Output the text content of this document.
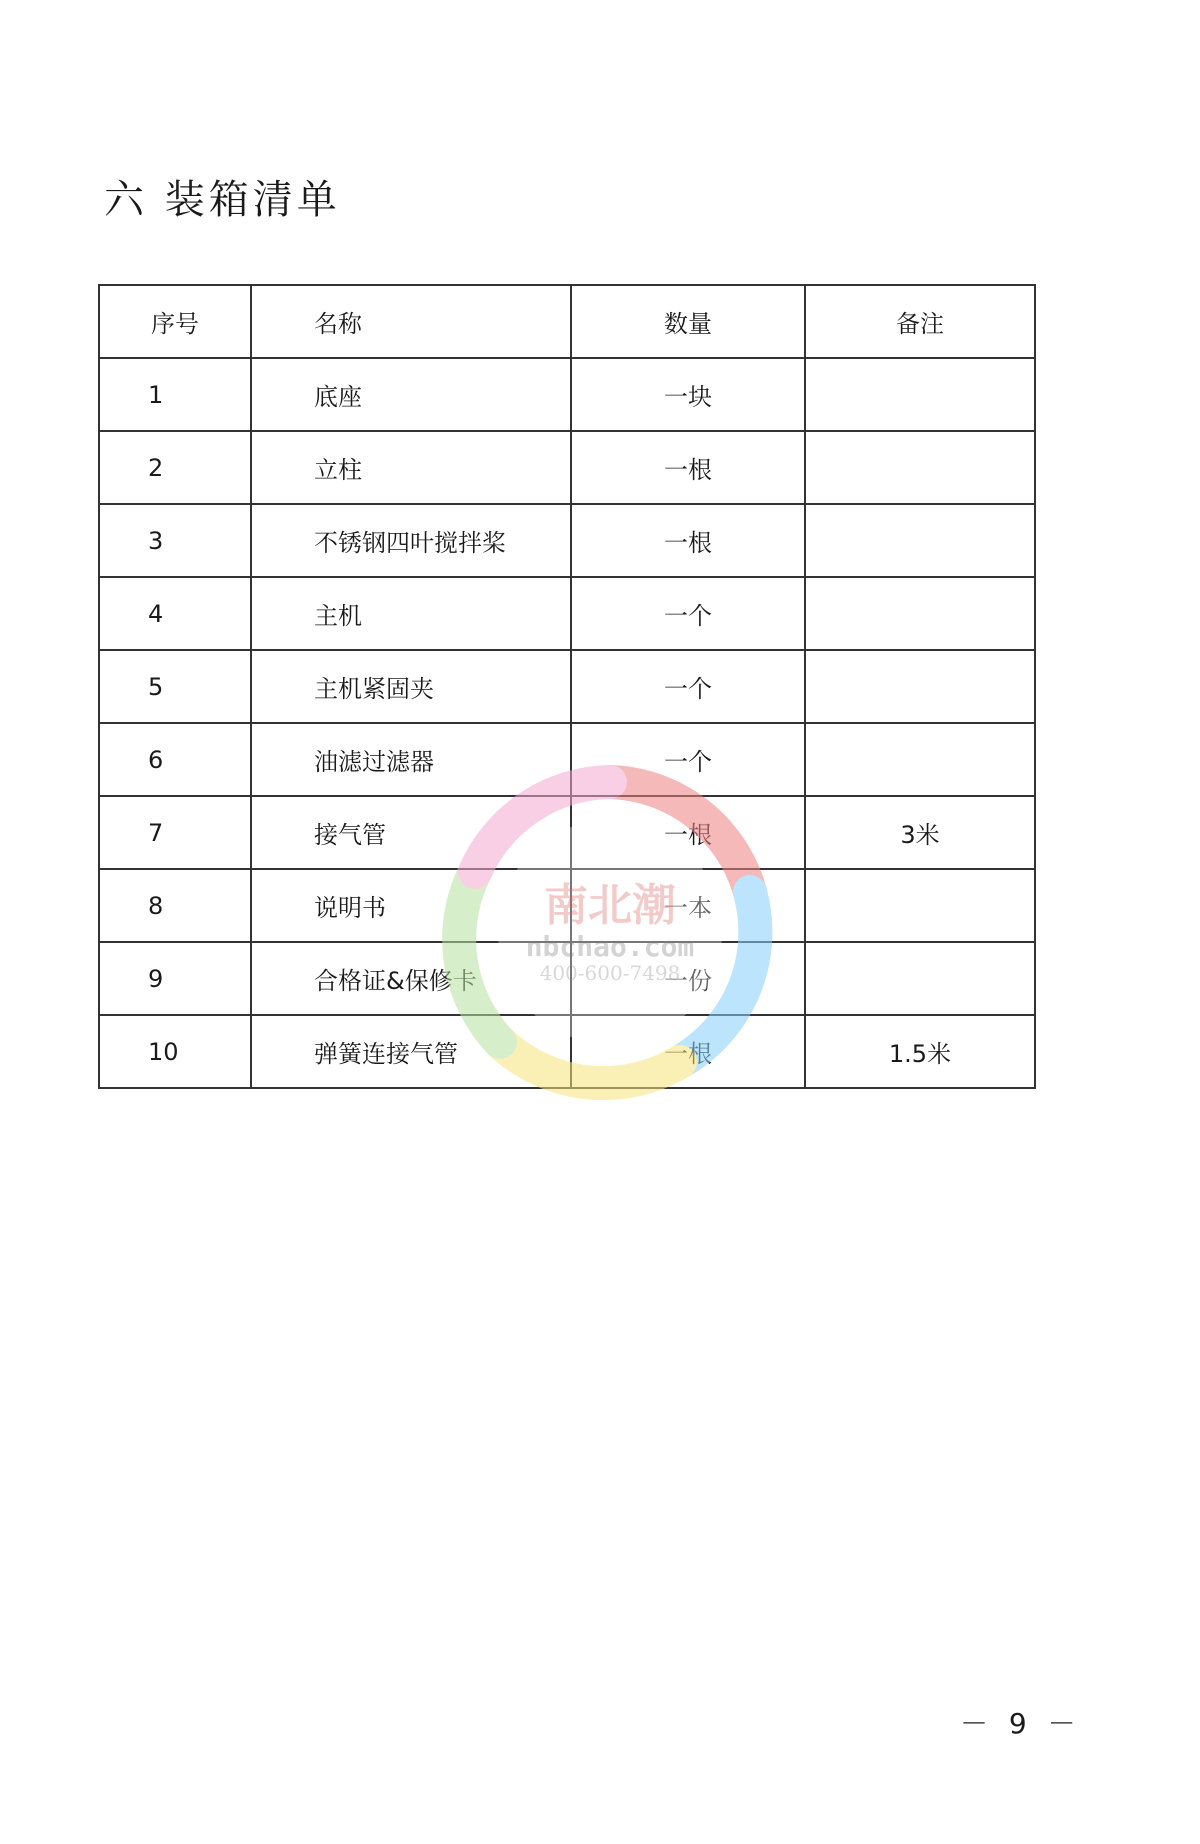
六 装箱清单
序号	名称	数量	备注
1	底座	一块	
2	立柱	一根	
3	不锈钢四叶搅拌桨	一根	
4	主机	一个	
5	主机紧固夹	一个	
6	油滤过滤器	一个	
7	接气管	一根	3米
8	说明书	一本	
9	合格证&保修卡	一份	
10	弹簧连接气管	一根	1.5米
南北潮
nbchao.com
400-600-7498
－ 9 －
